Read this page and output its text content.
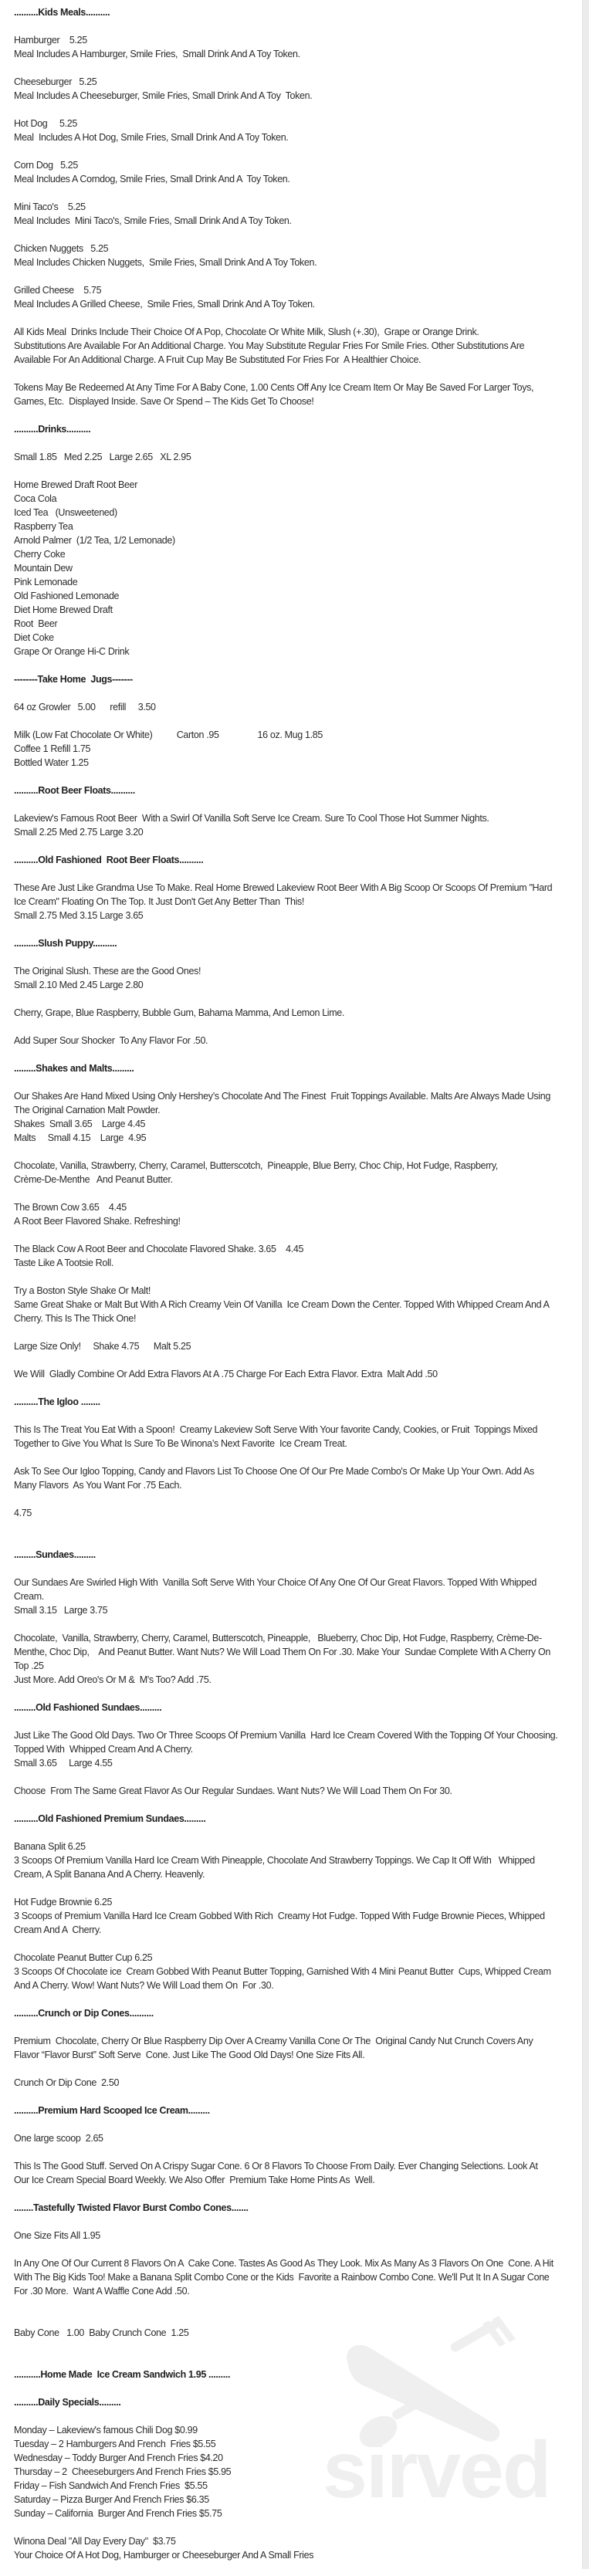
sirved
..........Kids Meals..........
Hamburger    5.25
Meal Includes A Hamburger, Smile Fries,  Small Drink And A Toy Token.
Cheeseburger   5.25
Meal Includes A Cheeseburger, Smile Fries, Small Drink And A Toy  Token.
Hot Dog     5.25
Meal  Includes A Hot Dog, Smile Fries, Small Drink And A Toy Token.
Corn Dog   5.25
Meal Includes A Corndog, Smile Fries, Small Drink And A  Toy Token.
Mini Taco's    5.25
Meal Includes  Mini Taco's, Smile Fries, Small Drink And A Toy Token.
Chicken Nuggets   5.25
Meal Includes Chicken Nuggets,  Smile Fries, Small Drink And A Toy Token.
Grilled Cheese    5.75
Meal Includes A Grilled Cheese,  Smile Fries, Small Drink And A Toy Token.
All Kids Meal  Drinks Include Their Choice Of A Pop, Chocolate Or White Milk, Slush (+.30),  Grape or Orange Drink.
Substitutions Are Available For An Additional Charge. You May Substitute Regular Fries For Smile Fries. Other Substitutions Are
Available For An Additional Charge. A Fruit Cup May Be Substituted For Fries For  A Healthier Choice.
Tokens May Be Redeemed At Any Time For A Baby Cone, 1.00 Cents Off Any Ice Cream Item Or May Be Saved For Larger Toys,
Games, Etc.  Displayed Inside. Save Or Spend – The Kids Get To Choose!
..........Drinks..........
Small 1.85   Med 2.25   Large 2.65   XL 2.95
Home Brewed Draft Root Beer
Coca Cola
Iced Tea   (Unsweetened)
Raspberry Tea
Arnold Palmer  (1/2 Tea, 1/2 Lemonade)
Cherry Coke
Mountain Dew
Pink Lemonade
Old Fashioned Lemonade
Diet Home Brewed Draft
Root  Beer
Diet Coke
Grape Or Orange Hi-C Drink
--------Take Home  Jugs-------
64 oz Growler   5.00      refill     3.50
Milk (Low Fat Chocolate Or White)          Carton .95                16 oz. Mug 1.85
Coffee 1 Refill 1.75
Bottled Water 1.25
..........Root Beer Floats..........
Lakeview's Famous Root Beer  With a Swirl Of Vanilla Soft Serve Ice Cream. Sure To Cool Those Hot Summer Nights.
Small 2.25 Med 2.75 Large 3.20
..........Old Fashioned  Root Beer Floats..........
These Are Just Like Grandma Use To Make. Real Home Brewed Lakeview Root Beer With A Big Scoop Or Scoops Of Premium "Hard
Ice Cream" Floating On The Top. It Just Don't Get Any Better Than  This!
Small 2.75 Med 3.15 Large 3.65
..........Slush Puppy..........
The Original Slush. These are the Good Ones!
Small 2.10 Med 2.45 Large 2.80
Cherry, Grape, Blue Raspberry, Bubble Gum, Bahama Mamma, And Lemon Lime.
Add Super Sour Shocker  To Any Flavor For .50.
.........Shakes and Malts.........
Our Shakes Are Hand Mixed Using Only Hershey’s Chocolate And The Finest  Fruit Toppings Available. Malts Are Always Made Using
The Original Carnation Malt Powder.
Shakes  Small 3.65    Large 4.45
Malts     Small 4.15    Large  4.95
Chocolate, Vanilla, Strawberry, Cherry, Caramel, Butterscotch,  Pineapple, Blue Berry, Choc Chip, Hot Fudge, Raspberry,
Crème-De-Menthe   And Peanut Butter.
The Brown Cow 3.65    4.45
A Root Beer Flavored Shake. Refreshing!
The Black Cow A Root Beer and Chocolate Flavored Shake. 3.65    4.45
Taste Like A Tootsie Roll.
Try a Boston Style Shake Or Malt!
Same Great Shake or Malt But With A Rich Creamy Vein Of Vanilla  Ice Cream Down the Center. Topped With Whipped Cream And A
Cherry. This Is The Thick One!
Large Size Only!     Shake 4.75      Malt 5.25
We Will  Gladly Combine Or Add Extra Flavors At A .75 Charge For Each Extra Flavor. Extra  Malt Add .50
..........The Igloo ........
This Is The Treat You Eat With a Spoon!  Creamy Lakeview Soft Serve With Your favorite Candy, Cookies, or Fruit  Toppings Mixed
Together to Give You What Is Sure To Be Winona’s Next Favorite  Ice Cream Treat.
Ask To See Our Igloo Topping, Candy and Flavors List To Choose One Of Our Pre Made Combo's Or Make Up Your Own. Add As
Many Flavors  As You Want For .75 Each.
4.75
.........Sundaes.........
Our Sundaes Are Swirled High With  Vanilla Soft Serve With Your Choice Of Any One Of Our Great Flavors. Topped With Whipped
Cream.
Small 3.15   Large 3.75
Chocolate,  Vanilla, Strawberry, Cherry, Caramel, Butterscotch, Pineapple,   Blueberry, Choc Dip, Hot Fudge, Raspberry, Crème-De-
Menthe, Choc Dip,    And Peanut Butter. Want Nuts? We Will Load Them On For .30. Make Your  Sundae Complete With A Cherry On
Top .25
Just More. Add Oreo's Or M &  M's Too? Add .75.
.........Old Fashioned Sundaes.........
Just Like The Good Old Days. Two Or Three Scoops Of Premium Vanilla  Hard Ice Cream Covered With the Topping Of Your Choosing.
Topped With  Whipped Cream And A Cherry.
Small 3.65     Large 4.55
Choose  From The Same Great Flavor As Our Regular Sundaes. Want Nuts? We Will Load Them On For 30.
..........Old Fashioned Premium Sundaes.........
Banana Split 6.25
3 Scoops Of Premium Vanilla Hard Ice Cream With Pineapple, Chocolate And Strawberry Toppings. We Cap It Off With   Whipped
Cream, A Split Banana And A Cherry. Heavenly.
Hot Fudge Brownie 6.25
3 Scoops of Premium Vanilla Hard Ice Cream Gobbed With Rich  Creamy Hot Fudge. Topped With Fudge Brownie Pieces, Whipped
Cream And A  Cherry.
Chocolate Peanut Butter Cup 6.25
3 Scoops Of Chocolate ice  Cream Gobbed With Peanut Butter Topping, Garnished With 4 Mini Peanut Butter  Cups, Whipped Cream
And A Cherry. Wow! Want Nuts? We Will Load them On  For .30.
..........Crunch or Dip Cones..........
Premium  Chocolate, Cherry Or Blue Raspberry Dip Over A Creamy Vanilla Cone Or The  Original Candy Nut Crunch Covers Any
Flavor “Flavor Burst” Soft Serve  Cone. Just Like The Good Old Days! One Size Fits All.
Crunch Or Dip Cone  2.50
..........Premium Hard Scooped Ice Cream.........
One large scoop  2.65
This Is The Good Stuff. Served On A Crispy Sugar Cone. 6 Or 8 Flavors To Choose From Daily. Ever Changing Selections. Look At
Our Ice Cream Special Board Weekly. We Also Offer  Premium Take Home Pints As  Well.
........Tastefully Twisted Flavor Burst Combo Cones.......
One Size Fits All 1.95
In Any One Of Our Current 8 Flavors On A  Cake Cone. Tastes As Good As They Look. Mix As Many As 3 Flavors On One  Cone. A Hit
With The Big Kids Too! Make a Banana Split Combo Cone or the Kids  Favorite a Rainbow Combo Cone. We'll Put It In A Sugar Cone
For .30 More.  Want A Waffle Cone Add .50.
Baby Cone   1.00  Baby Crunch Cone  1.25
...........Home Made  Ice Cream Sandwich 1.95 .........
..........Daily Specials.........
Monday – Lakeview's famous Chili Dog $0.99
Tuesday – 2 Hamburgers And French  Fries $5.55
Wednesday – Toddy Burger And French Fries $4.20
Thursday – 2  Cheeseburgers And French Fries $5.95
Friday – Fish Sandwich And French Fries  $5.55
Saturday – Pizza Burger And French Fries $6.35
Sunday – California  Burger And French Fries $5.75
Winona Deal "All Day Every Day"  $3.75
Your Choice Of A Hot Dog, Hamburger or Cheeseburger And A Small Fries
